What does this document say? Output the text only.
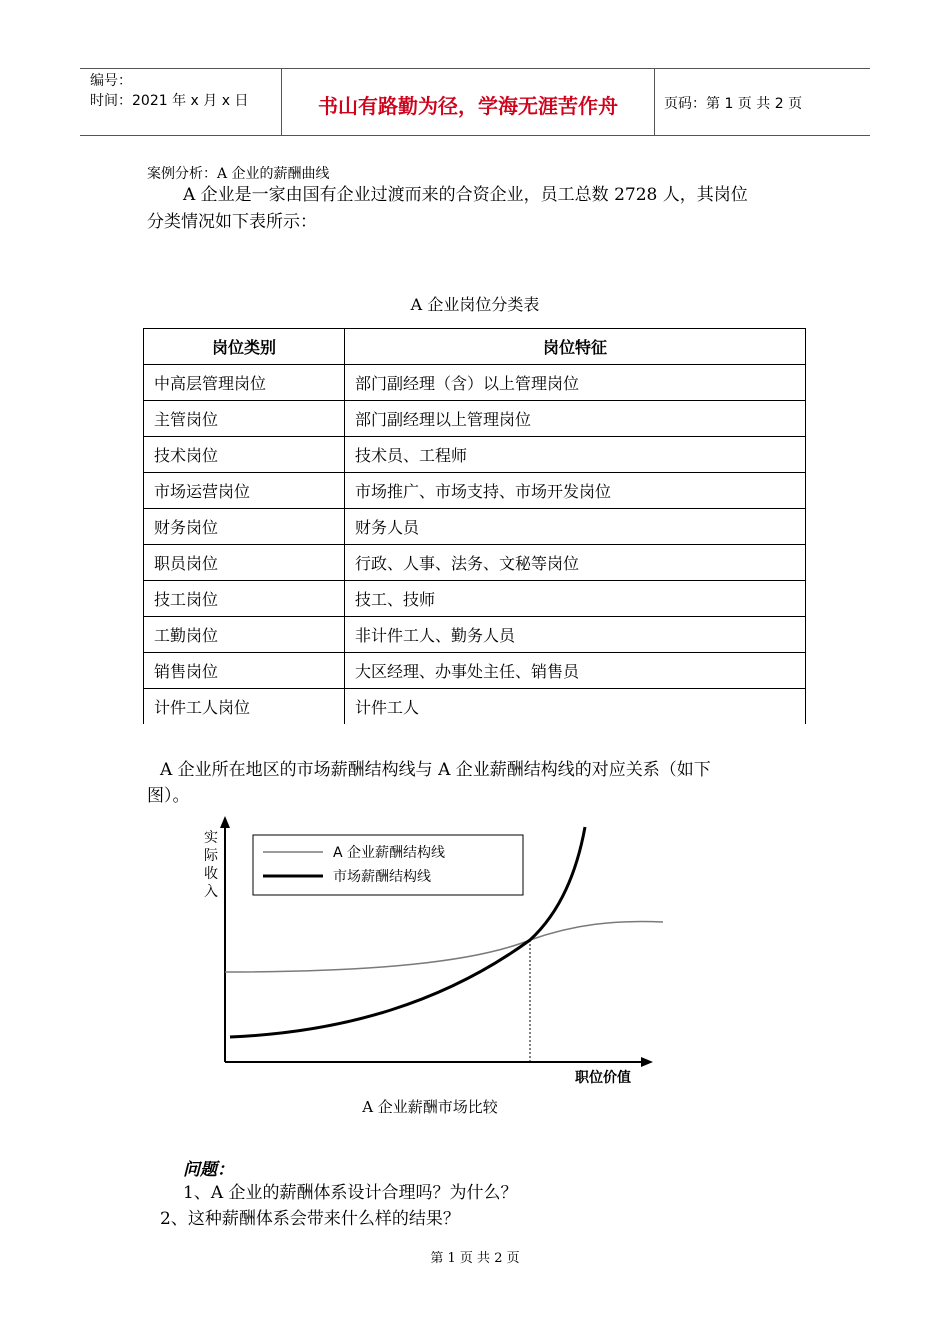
编号：
时间：2021 年 x 月 x 日	书山有路勤为径，学海无涯苦作舟	页码：第 1 页 共 2 页
案例分析：A 企业的薪酬曲线
A 企业是一家由国有企业过渡而来的合资企业，员工总数 2728 人，其岗位
分类情况如下表所示：
A 企业岗位分类表
岗位类别	岗位特征
中高层管理岗位	部门副经理（含）以上管理岗位
主管岗位	部门副经理以上管理岗位
技术岗位	技术员、工程师
市场运营岗位	市场推广、市场支持、市场开发岗位
财务岗位	财务人员
职员岗位	行政、人事、法务、文秘等岗位
技工岗位	技工、技师
工勤岗位	非计件工人、勤务人员
销售岗位	大区经理、办事处主任、销售员
计件工人岗位	计件工人
A 企业所在地区的市场薪酬结构线与 A 企业薪酬结构线的对应关系（如下
图）。
实 际 收 入
职位价值
A 企业薪酬结构线
市场薪酬结构线
A 企业薪酬市场比较
问题：
1、A 企业的薪酬体系设计合理吗？为什么？
2、这种薪酬体系会带来什么样的结果？
第 1 页 共 2 页
